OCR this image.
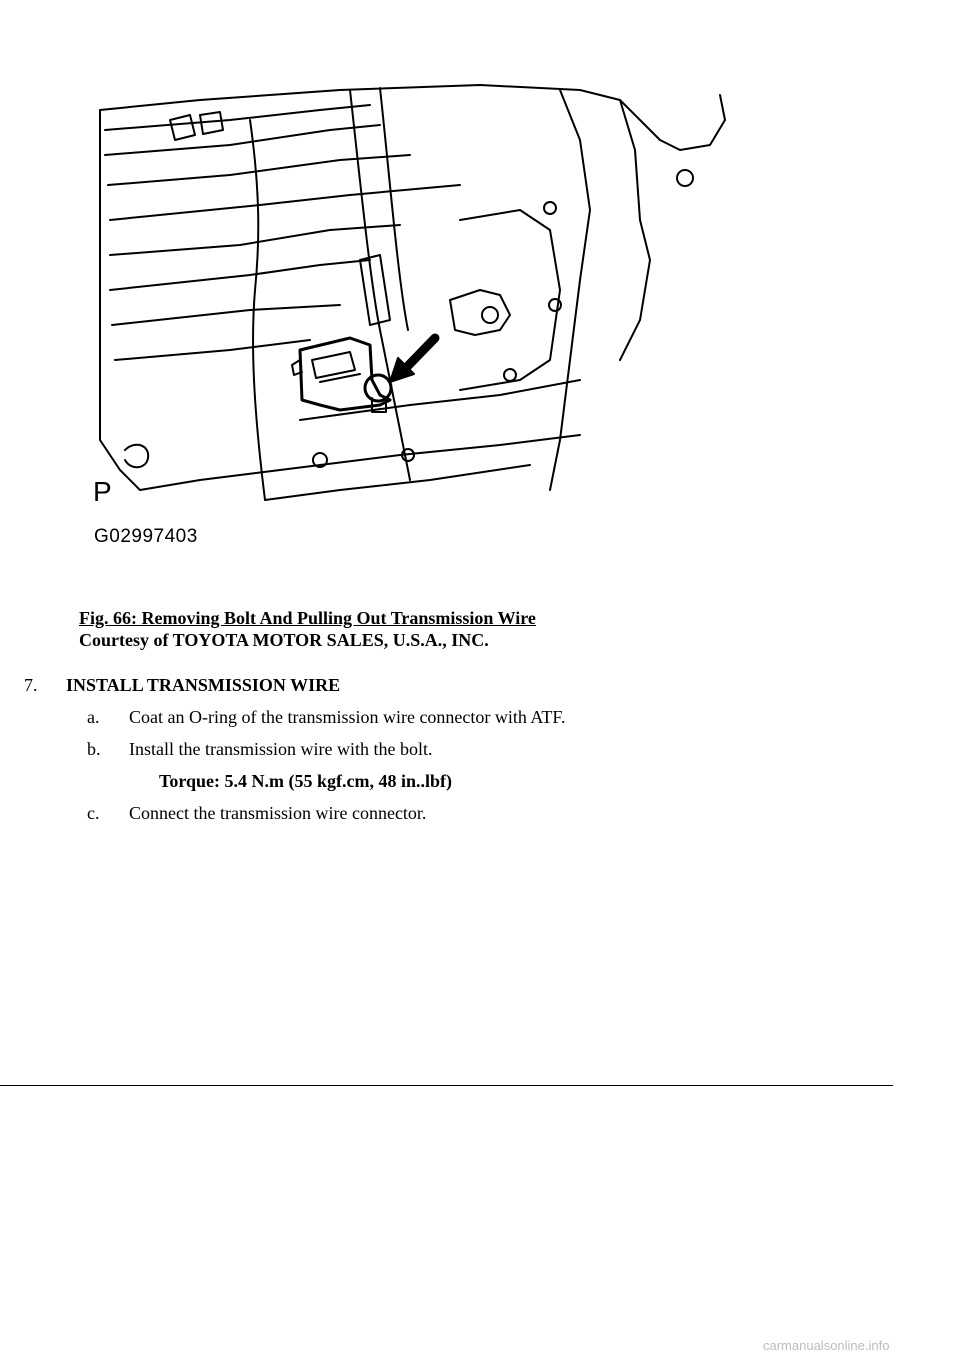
P
G02997403
Fig. 66: Removing Bolt And Pulling Out Transmission Wire
Courtesy of TOYOTA MOTOR SALES, U.S.A., INC.
7. INSTALL TRANSMISSION WIRE
a. Coat an O-ring of the transmission wire connector with ATF.
b. Install the transmission wire with the bolt.
Torque: 5.4 N.m (55 kgf.cm, 48 in..lbf)
c. Connect the transmission wire connector.
carmanualsonline.info
